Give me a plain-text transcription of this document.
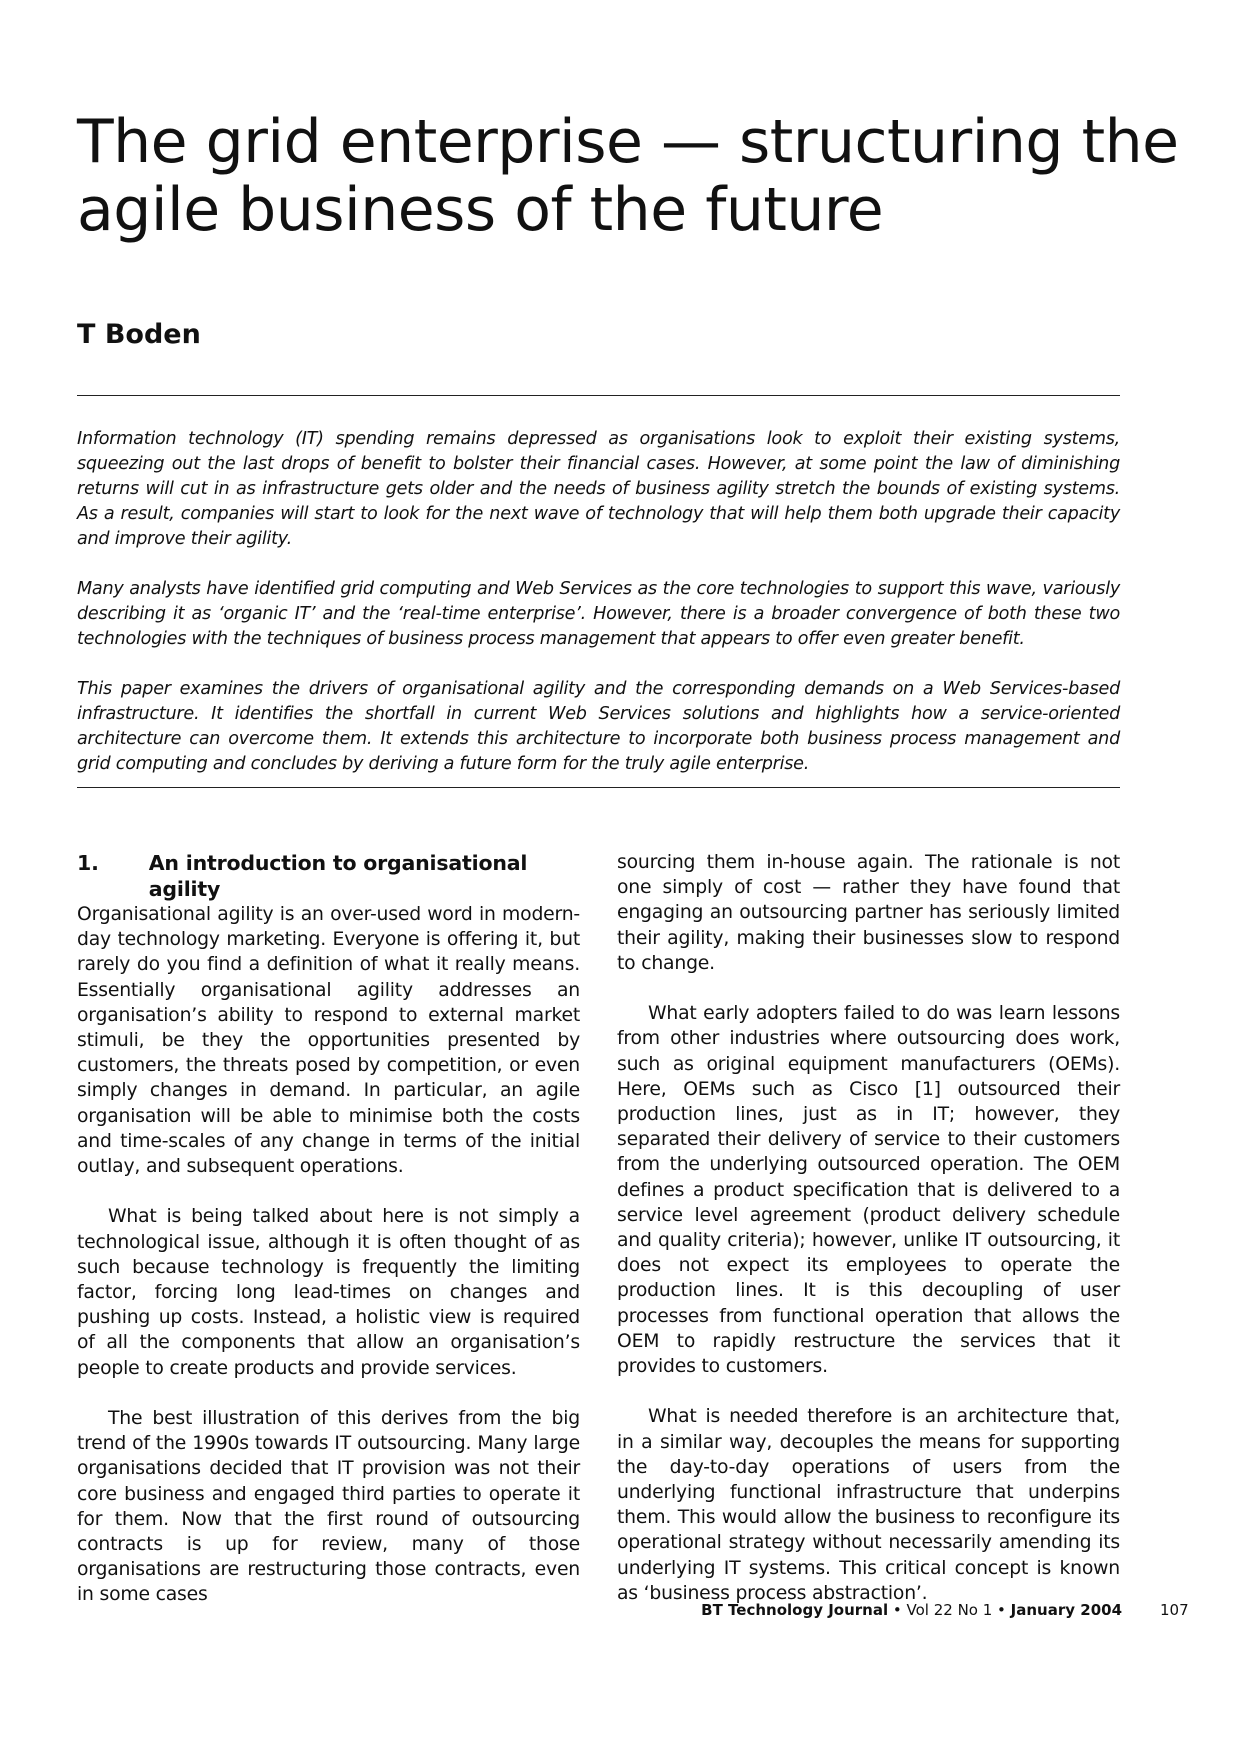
The grid enterprise — structuring the
agile business of the future
T Boden

Information technology (IT) spending remains depressed as organisations look to exploit their existing systems, squeezing out the last drops of benefit to bolster their financial cases. However, at some point the law of diminishing returns will cut in as infrastructure gets older and the needs of business agility stretch the bounds of existing systems. As a result, companies will start to look for the next wave of technology that will help them both upgrade their capacity and improve their agility.

Many analysts have identified grid computing and Web Services as the core technologies to support this wave, variously describing it as ‘organic IT’ and the ‘real-time enterprise’. However, there is a broader convergence of both these two technologies with the techniques of business process management that appears to offer even greater benefit.

This paper examines the drivers of organisational agility and the corresponding demands on a Web Services-based infrastructure. It identifies the shortfall in current Web Services solutions and highlights how a service-oriented architecture can overcome them. It extends this architecture to incorporate both business process management and grid computing and concludes by deriving a future form for the truly agile enterprise.

1.	An introduction to organisational agility

Organisational agility is an over-used word in modern-day technology marketing. Everyone is offering it, but rarely do you find a definition of what it really means. Essentially organisational agility addresses an organisation’s ability to respond to external market stimuli, be they the opportunities presented by customers, the threats posed by competition, or even simply changes in demand. In particular, an agile organisation will be able to minimise both the costs and time-scales of any change in terms of the initial outlay, and subsequent operations.

What is being talked about here is not simply a technological issue, although it is often thought of as such because technology is frequently the limiting factor, forcing long lead-times on changes and pushing up costs. Instead, a holistic view is required of all the components that allow an organisation’s people to create products and provide services.

The best illustration of this derives from the big trend of the 1990s towards IT outsourcing. Many large organisations decided that IT provision was not their core business and engaged third parties to operate it for them. Now that the first round of outsourcing contracts is up for review, many of those organisations are restructuring those contracts, even in some cases

sourcing them in-house again. The rationale is not one simply of cost — rather they have found that engaging an outsourcing partner has seriously limited their agility, making their businesses slow to respond to change.

What early adopters failed to do was learn lessons from other industries where outsourcing does work, such as original equipment manufacturers (OEMs). Here, OEMs such as Cisco [1] outsourced their production lines, just as in IT; however, they separated their delivery of service to their customers from the underlying outsourced operation. The OEM defines a product specification that is delivered to a service level agreement (product delivery schedule and quality criteria); however, unlike IT outsourcing, it does not expect its employees to operate the production lines. It is this decoupling of user processes from functional operation that allows the OEM to rapidly restructure the services that it provides to customers.

What is needed therefore is an architecture that, in a similar way, decouples the means for supporting the day-to-day operations of users from the underlying functional infrastructure that underpins them. This would allow the business to reconfigure its operational strategy without necessarily amending its underlying IT systems. This critical concept is known as ‘business process abstraction’.

BT Technology Journal • Vol 22 No 1 • January 2004	107
